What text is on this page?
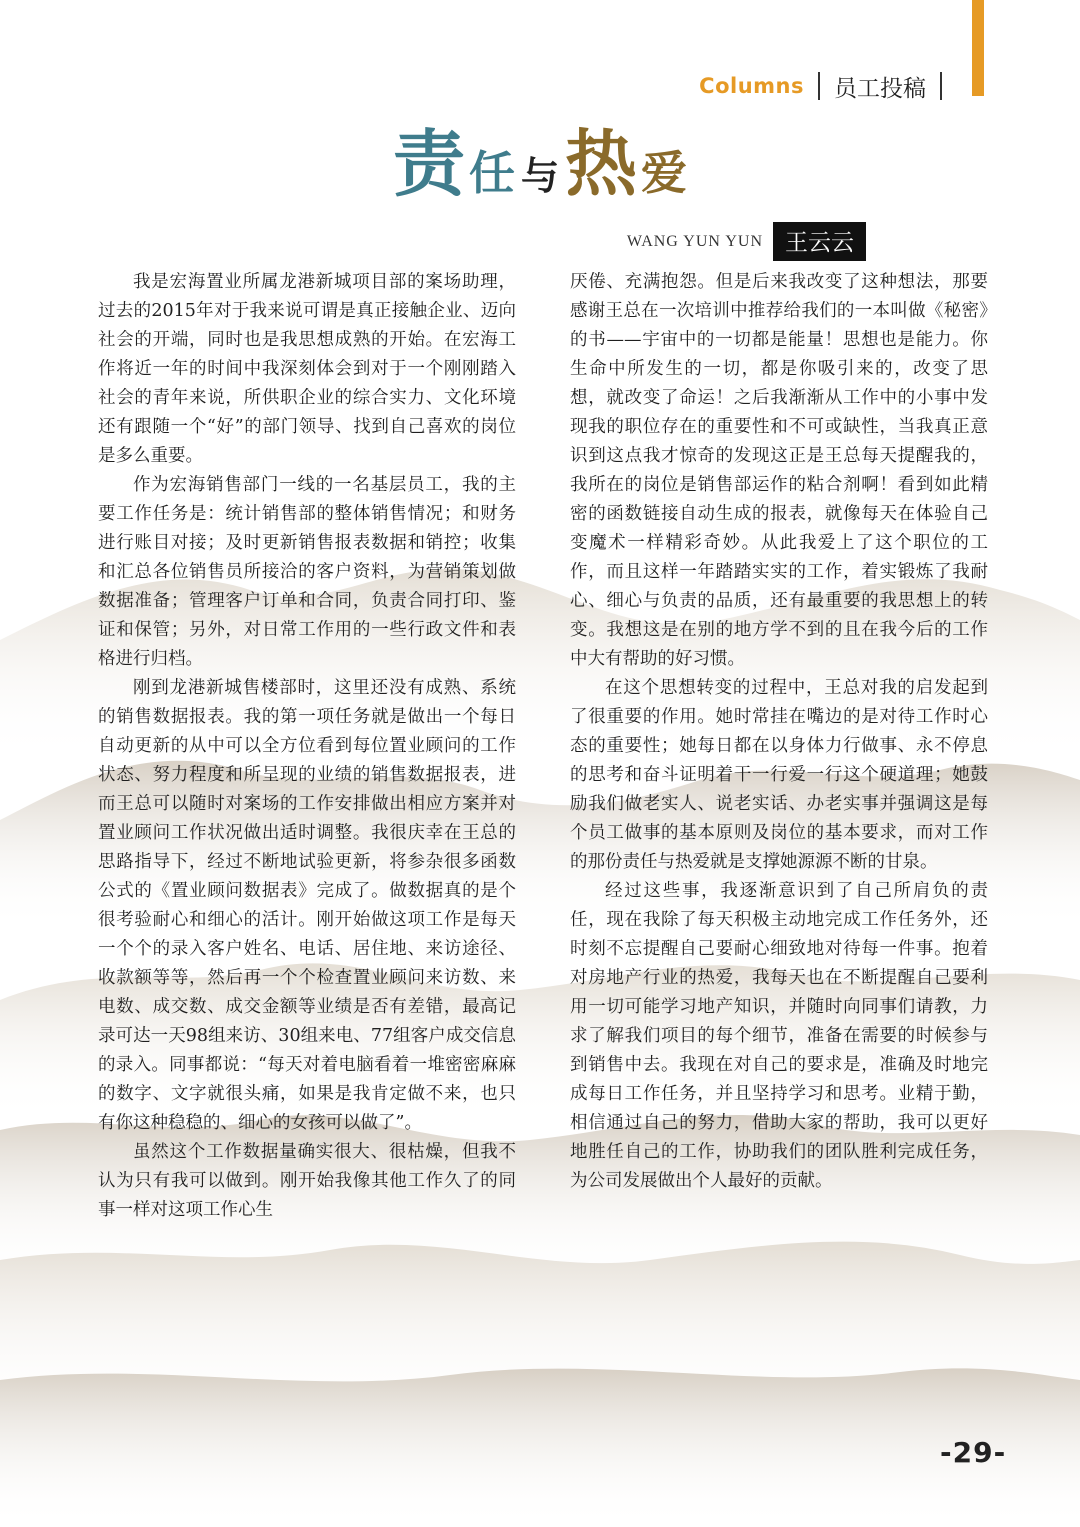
Columns 员工投稿
责任 与热爱
WANG YUN YUN 王云云

我是宏海置业所属龙港新城项目部的案场助理，过去的2015年对于我来说可谓是真正接触企业、迈向社会的开端，同时也是我思想成熟的开始。在宏海工作将近一年的时间中我深刻体会到对于一个刚刚踏入社会的青年来说，所供职企业的综合实力、文化环境还有跟随一个“好”的部门领导、找到自己喜欢的岗位是多么重要。

作为宏海销售部门一线的一名基层员工，我的主要工作任务是：统计销售部的整体销售情况；和财务进行账目对接；及时更新销售报表数据和销控；收集和汇总各位销售员所接洽的客户资料，为营销策划做数据准备；管理客户订单和合同，负责合同打印、鉴证和保管；另外，对日常工作用的一些行政文件和表格进行归档。

刚到龙港新城售楼部时，这里还没有成熟、系统的销售数据报表。我的第一项任务就是做出一个每日自动更新的从中可以全方位看到每位置业顾问的工作状态、努力程度和所呈现的业绩的销售数据报表，进而王总可以随时对案场的工作安排做出相应方案并对置业顾问工作状况做出适时调整。我很庆幸在王总的思路指导下，经过不断地试验更新，将参杂很多函数公式的《置业顾问数据表》完成了。做数据真的是个很考验耐心和细心的活计。刚开始做这项工作是每天一个个的录入客户姓名、电话、居住地、来访途径、收款额等等，然后再一个个检查置业顾问来访数、来电数、成交数、成交金额等业绩是否有差错，最高记录可达一天98组来访、30组来电、77组客户成交信息的录入。同事都说：“每天对着电脑看着一堆密密麻麻的数字、文字就很头痛，如果是我肯定做不来，也只有你这种稳稳的、细心的女孩可以做了”。

虽然这个工作数据量确实很大、很枯燥，但我不认为只有我可以做到。刚开始我像其他工作久了的同事一样对这项工作心生

厌倦、充满抱怨。但是后来我改变了这种想法，那要感谢王总在一次培训中推荐给我们的一本叫做《秘密》的书——宇宙中的一切都是能量！思想也是能力。你生命中所发生的一切，都是你吸引来的，改变了思想，就改变了命运！之后我渐渐从工作中的小事中发现我的职位存在的重要性和不可或缺性，当我真正意识到这点我才惊奇的发现这正是王总每天提醒我的，我所在的岗位是销售部运作的粘合剂啊！看到如此精密的函数链接自动生成的报表，就像每天在体验自己变魔术一样精彩奇妙。从此我爱上了这个职位的工作，而且这样一年踏踏实实的工作，着实锻炼了我耐心、细心与负责的品质，还有最重要的我思想上的转变。我想这是在别的地方学不到的且在我今后的工作中大有帮助的好习惯。

在这个思想转变的过程中，王总对我的启发起到了很重要的作用。她时常挂在嘴边的是对待工作时心态的重要性；她每日都在以身体力行做事、永不停息的思考和奋斗证明着干一行爱一行这个硬道理；她鼓励我们做老实人、说老实话、办老实事并强调这是每个员工做事的基本原则及岗位的基本要求，而对工作的那份责任与热爱就是支撑她源源不断的甘泉。

经过这些事，我逐渐意识到了自己所肩负的责任，现在我除了每天积极主动地完成工作任务外，还时刻不忘提醒自己要耐心细致地对待每一件事。抱着对房地产行业的热爱，我每天也在不断提醒自己要利用一切可能学习地产知识，并随时向同事们请教，力求了解我们项目的每个细节，准备在需要的时候参与到销售中去。我现在对自己的要求是，准确及时地完成每日工作任务，并且坚持学习和思考。业精于勤，相信通过自己的努力，借助大家的帮助，我可以更好地胜任自己的工作，协助我们的团队胜利完成任务，为公司发展做出个人最好的贡献。

-29-
